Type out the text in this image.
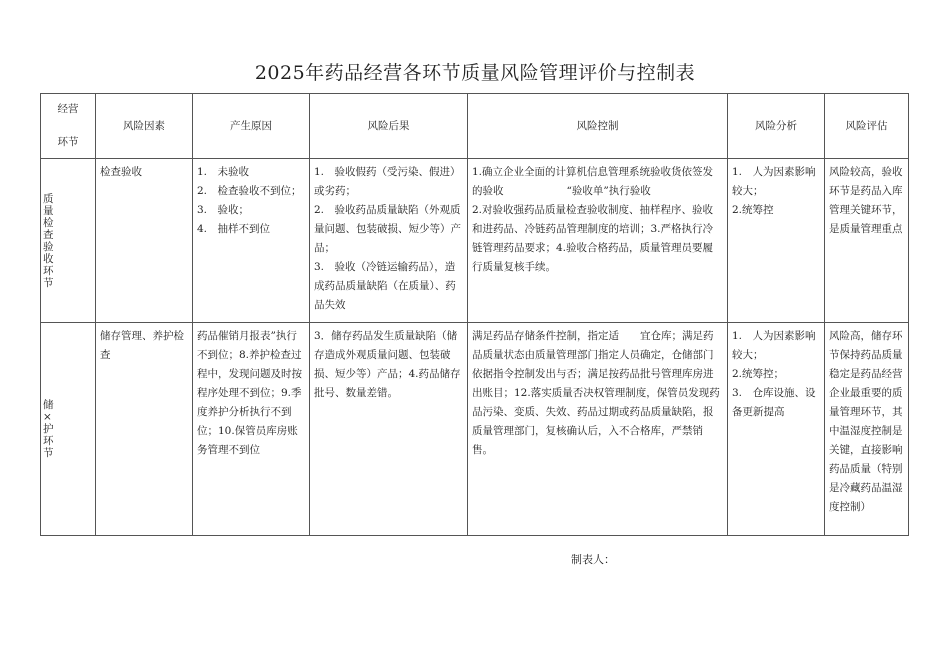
2025年药品经营各环节质量风险管理评价与控制表
经营
环节	风险因素	产生原因	风险后果	风险控制	风险分析	风险评估

质量检查验收环节	检查验收	1.　未验收
2.　检查验收不到位；
3.　验收；
4.　抽样不到位	1.　验收假药（受污染、假进）或劣药；
2.　验收药品质量缺陷（外观质量问题、包装破损、短少等）产品；
3.　验收（冷链运输药品），造成药品质量缺陷（在质量）、药品失效	1.确立企业全面的计算机信息管理系统验收货依签发的验收　　　　　　“验收单”执行验收
2.对验收强药品质量检查验收制度、抽样程序、验收和进药品、冷链药品管理制度的培训；3.严格执行冷链管理药品要求；4.验收合格药品，质量管理员要履行质量复核手续。	1.　人为因素影响较大；
2.统筹控	风险较高，验收环节是药品入库管理关键环节，是质量管理重点

储×护环节	储存管理、养护检查	药品催销月报表”执行不到位；8.养护检查过程中，发现问题及时按程序处理不到位；9.季度养护分析执行不到位；10.保管员库房账务管理不到位	3．储存药品发生质量缺陷（储存造成外观质量问题、包装破损、短少等）产品；4.药品储存批号、数量差错。	满足药品存储条件控制，指定适　　宜仓库；满足药品质量状态由质量管理部门指定人员确定，仓储部门依据指令控制发出与否；满足按药品批号管理库房进出账目；12.落实质量否决权管理制度，保管员发现药品污染、变质、失效、药品过期或药品质量缺陷，报质量管理部门，复核确认后，入不合格库，严禁销售。	1.　人为因素影响较大；
2.统筹控；
3.　仓库设施、设备更新提高	风险高，储存环节保持药品质量稳定是药品经营企业最重要的质量管理环节，其中温湿度控制是关键，直接影响药品质量（特别是冷藏药品温湿度控制）
制表人：
